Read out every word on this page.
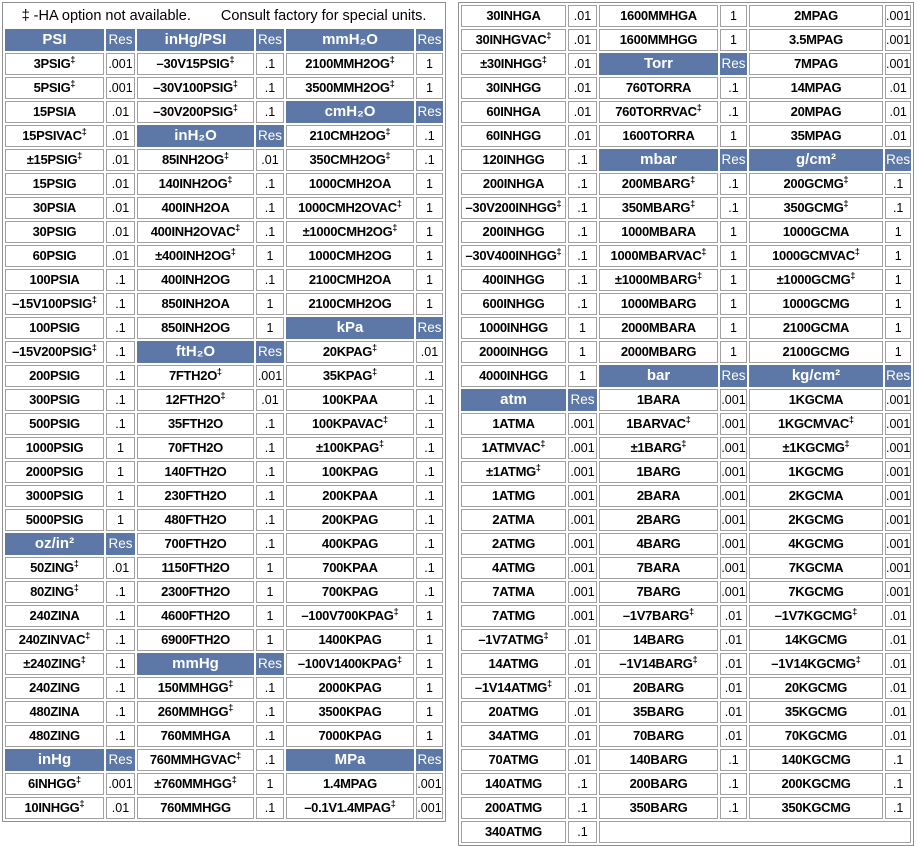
‡ -HA option not available. Consult factory for special units.					
PSI	Res	inHg/PSI	Res	mmH₂O	Res
3PSIG‡	.001	–30V15PSIG‡	.1	2100MMH2OG‡	1
5PSIG‡	.001	–30V100PSIG‡	.1	3500MMH2OG‡	1
15PSIA	.01	–30V200PSIG‡	.1	cmH₂O	Res
15PSIVAC‡	.01	inH₂O	Res	210CMH2OG‡	.1
±15PSIG‡	.01	85INH2OG‡	.01	350CMH2OG‡	.1
15PSIG	.01	140INH2OG‡	.1	1000CMH2OA	1
30PSIA	.01	400INH2OA	.1	1000CMH2OVAC‡	1
30PSIG	.01	400INH2OVAC‡	.1	±1000CMH2OG‡	1
60PSIG	.01	±400INH2OG‡	1	1000CMH2OG	1
100PSIA	.1	400INH2OG	.1	2100CMH2OA	1
–15V100PSIG‡	.1	850INH2OA	1	2100CMH2OG	1
100PSIG	.1	850INH2OG	1	kPa	Res
–15V200PSIG‡	.1	ftH₂O	Res	20KPAG‡	.01
200PSIG	.1	7FTH2O‡	.001	35KPAG‡	.1
300PSIG	.1	12FTH2O‡	.01	100KPAA	.1
500PSIG	.1	35FTH2O	.1	100KPAVAC‡	.1
1000PSIG	1	70FTH2O	.1	±100KPAG‡	.1
2000PSIG	1	140FTH2O	.1	100KPAG	.1
3000PSIG	1	230FTH2O	.1	200KPAA	.1
5000PSIG	1	480FTH2O	.1	200KPAG	.1
oz/in²	Res	700FTH2O	.1	400KPAG	.1
50ZING‡	.01	1150FTH2O	1	700KPAA	.1
80ZING‡	.1	2300FTH2O	1	700KPAG	.1
240ZINA	.1	4600FTH2O	1	–100V700KPAG‡	1
240ZINVAC‡	.1	6900FTH2O	1	1400KPAG	1
±240ZING‡	.1	mmHg	Res	–100V1400KPAG‡	1
240ZING	.1	150MMHGG‡	.1	2000KPAG	1
480ZINA	.1	260MMHGG‡	.1	3500KPAG	1
480ZING	.1	760MMHGA	.1	7000KPAG	1
inHg	Res	760MMHGVAC‡	.1	MPa	Res
6INHGG‡	.001	±760MMHGG‡	1	1.4MPAG	.001
10INHGG‡	.01	760MMHGG	.1	–0.1V1.4MPAG‡	.001
30INHGA	.01	1600MMHGA	1	2MPAG	.001
30INHGVAC‡	.01	1600MMHGG	1	3.5MPAG	.001
±30INHGG‡	.01	Torr	Res	7MPAG	.001
30INHGG	.01	760TORRA	.1	14MPAG	.01
60INHGA	.01	760TORRVAC‡	.1	20MPAG	.01
60INHGG	.01	1600TORRA	1	35MPAG	.01
120INHGG	.1	mbar	Res	g/cm²	Res
200INHGA	.1	200MBARG‡	.1	200GCMG‡	.1
–30V200INHGG‡	.1	350MBARG‡	.1	350GCMG‡	.1
200INHGG	.1	1000MBARA	1	1000GCMA	1
–30V400INHGG‡	.1	1000MBARVAC‡	1	1000GCMVAC‡	1
400INHGG	.1	±1000MBARG‡	1	±1000GCMG‡	1
600INHGG	.1	1000MBARG	1	1000GCMG	1
1000INHGG	1	2000MBARA	1	2100GCMA	1
2000INHGG	1	2000MBARG	1	2100GCMG	1
4000INHGG	1	bar	Res	kg/cm²	Res
atm	Res	1BARA	.001	1KGCMA	.001
1ATMA	.001	1BARVAC‡	.001	1KGCMVAC‡	.001
1ATMVAC‡	.001	±1BARG‡	.001	±1KGCMG‡	.001
±1ATMG‡	.001	1BARG	.001	1KGCMG	.001
1ATMG	.001	2BARA	.001	2KGCMA	.001
2ATMA	.001	2BARG	.001	2KGCMG	.001
2ATMG	.001	4BARG	.001	4KGCMG	.001
4ATMG	.001	7BARA	.001	7KGCMA	.001
7ATMA	.001	7BARG	.001	7KGCMG	.001
7ATMG	.001	–1V7BARG‡	.01	–1V7KGCMG‡	.01
–1V7ATMG‡	.01	14BARG	.01	14KGCMG	.01
14ATMG	.01	–1V14BARG‡	.01	–1V14KGCMG‡	.01
–1V14ATMG‡	.01	20BARG	.01	20KGCMG	.01
20ATMG	.01	35BARG	.01	35KGCMG	.01
34ATMG	.01	70BARG	.01	70KGCMG	.01
70ATMG	.01	140BARG	.1	140KGCMG	.1
140ATMG	.1	200BARG	.1	200KGCMG	.1
200ATMG	.1	350BARG	.1	350KGCMG	.1
340ATMG	.1				
